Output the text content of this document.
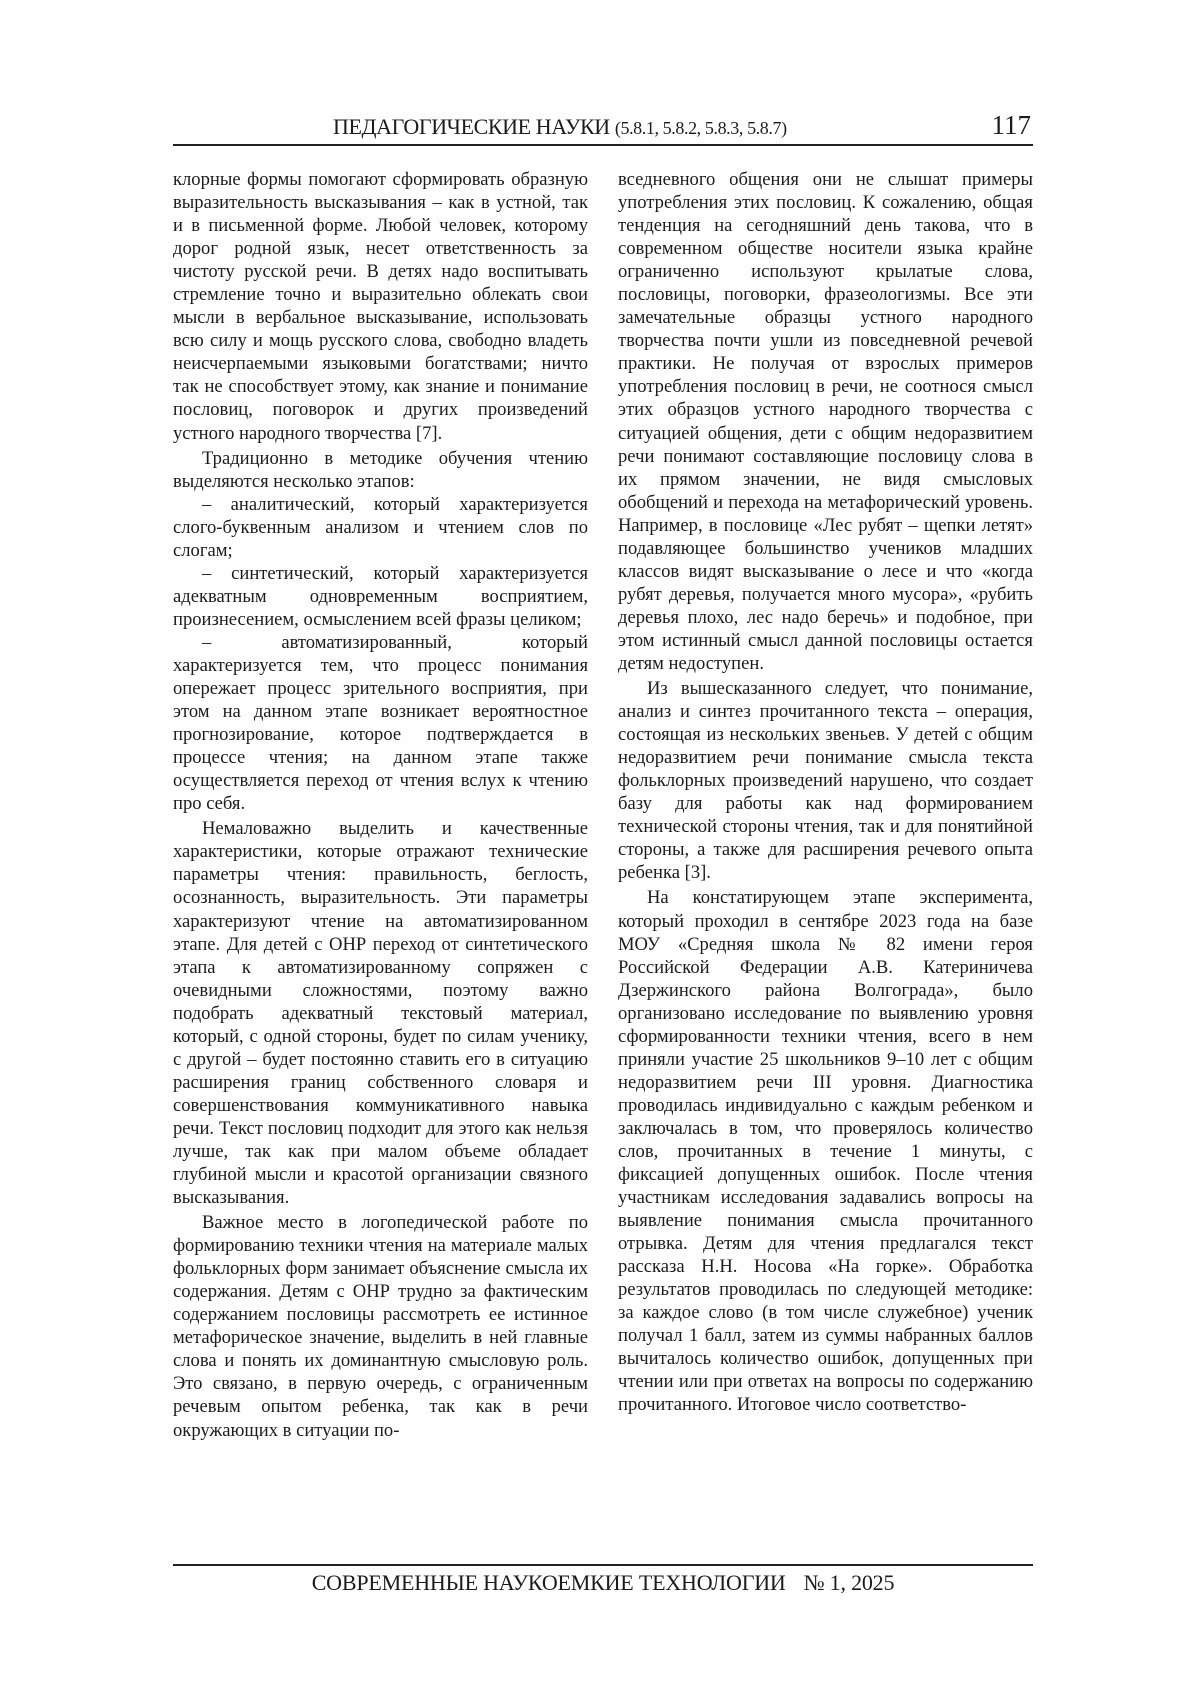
ПЕДАГОГИЧЕСКИЕ НАУКИ (5.8.1, 5.8.2, 5.8.3, 5.8.7)	117

клорные формы помогают сформировать образную выразительность высказывания – как в устной, так и в письменной форме. Любой человек, которому дорог родной язык, несет ответственность за чистоту русской речи. В детях надо воспитывать стремление точно и выразительно облекать свои мысли в вербальное высказывание, использовать всю силу и мощь русского слова, свободно владеть неисчерпаемыми языковыми богатствами; ничто так не способствует этому, как знание и понимание пословиц, поговорок и других произведений устного народного творчества [7].

Традиционно в методике обучения чтению выделяются несколько этапов:

– аналитический, который характеризуется слого-буквенным анализом и чтением слов по слогам;

– синтетический, который характеризуется адекватным одновременным восприятием, произнесением, осмыслением всей фразы целиком;

– автоматизированный, который характеризуется тем, что процесс понимания опережает процесс зрительного восприятия, при этом на данном этапе возникает вероятностное прогнозирование, которое подтверждается в процессе чтения; на данном этапе также осуществляется переход от чтения вслух к чтению про себя.

Немаловажно выделить и качественные характеристики, которые отражают технические параметры чтения: правильность, беглость, осознанность, выразительность. Эти параметры характеризуют чтение на автоматизированном этапе. Для детей с ОНР переход от синтетического этапа к автоматизированному сопряжен с очевидными сложностями, поэтому важно подобрать адекватный текстовый материал, который, с одной стороны, будет по силам ученику, с другой – будет постоянно ставить его в ситуацию расширения границ собственного словаря и совершенствования коммуникативного навыка речи. Текст пословиц подходит для этого как нельзя лучше, так как при малом объеме обладает глубиной мысли и красотой организации связного высказывания.

Важное место в логопедической работе по формированию техники чтения на материале малых фольклорных форм занимает объяснение смысла их содержания. Детям с ОНР трудно за фактическим содержанием пословицы рассмотреть ее истинное метафорическое значение, выделить в ней главные слова и понять их доминантную смысловую роль. Это связано, в первую очередь, с ограниченным речевым опытом ребенка, так как в речи окружающих в ситуации по-

вседневного общения они не слышат примеры употребления этих пословиц. К сожалению, общая тенденция на сегодняшний день такова, что в современном обществе носители языка крайне ограниченно используют крылатые слова, пословицы, поговорки, фразеологизмы. Все эти замечательные образцы устного народного творчества почти ушли из повседневной речевой практики. Не получая от взрослых примеров употребления пословиц в речи, не соотнося смысл этих образцов устного народного творчества с ситуацией общения, дети с общим недоразвитием речи понимают составляющие пословицу слова в их прямом значении, не видя смысловых обобщений и перехода на метафорический уровень. Например, в пословице «Лес рубят – щепки летят» подавляющее большинство учеников младших классов видят высказывание о лесе и что «когда рубят деревья, получается много мусора», «рубить деревья плохо, лес надо беречь» и подобное, при этом истинный смысл данной пословицы остается детям недоступен.

Из вышесказанного следует, что понимание, анализ и синтез прочитанного текста – операция, состоящая из нескольких звеньев. У детей с общим недоразвитием речи понимание смысла текста фольклорных произведений нарушено, что создает базу для работы как над формированием технической стороны чтения, так и для понятийной стороны, а также для расширения речевого опыта ребенка [3].

На констатирующем этапе эксперимента, который проходил в сентябре 2023 года на базе МОУ «Средняя школа № 82 имени героя Российской Федерации А.В. Катериничева Дзержинского района Волгограда», было организовано исследование по выявлению уровня сформированности техники чтения, всего в нем приняли участие 25 школьников 9–10 лет с общим недоразвитием речи III уровня. Диагностика проводилась индивидуально с каждым ребенком и заключалась в том, что проверялось количество слов, прочитанных в течение 1 минуты, с фиксацией допущенных ошибок. После чтения участникам исследования задавались вопросы на выявление понимания смысла прочитанного отрывка. Детям для чтения предлагался текст рассказа Н.Н. Носова «На горке». Обработка результатов проводилась по следующей методике: за каждое слово (в том числе служебное) ученик получал 1 балл, затем из суммы набранных баллов вычиталось количество ошибок, допущенных при чтении или при ответах на вопросы по содержанию прочитанного. Итоговое число соответство-

СОВРЕМЕННЫЕ НАУКОЕМКИЕ ТЕХНОЛОГИИ № 1, 2025
